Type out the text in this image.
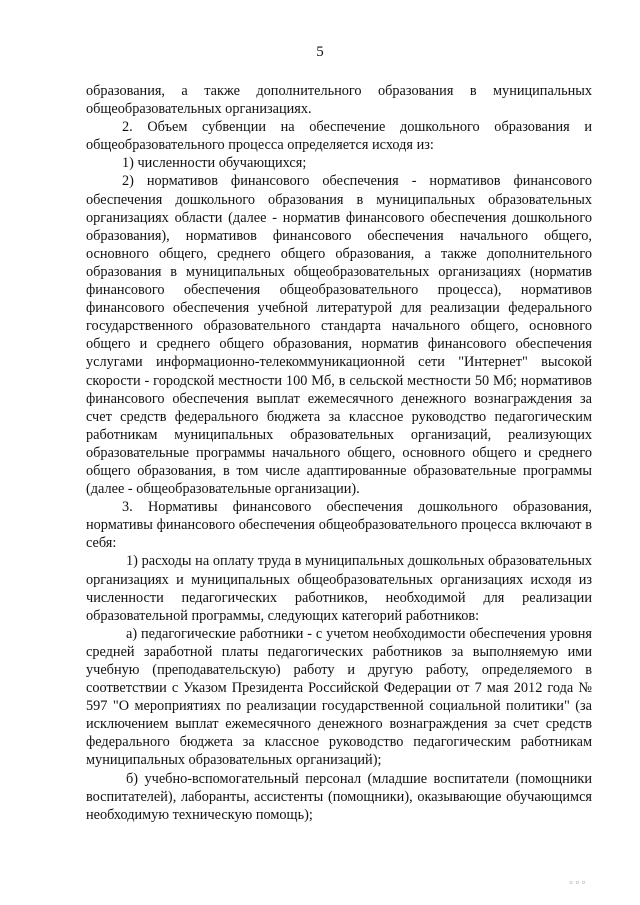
5

образования, а также дополнительного образования в муниципальных общеобразовательных организациях.

2. Объем субвенции на обеспечение дошкольного образования и общеобразовательного процесса определяется исходя из:

1) численности обучающихся;

2) нормативов финансового обеспечения - нормативов финансового обеспечения дошкольного образования в муниципальных образовательных организациях области (далее - норматив финансового обеспечения дошкольного образования), нормативов финансового обеспечения начального общего, основного общего, среднего общего образования, а также дополнительного образования в муниципальных общеобразовательных организациях (норматив финансового обеспечения общеобразовательного процесса), нормативов финансового обеспечения учебной литературой для реализации федерального государственного образовательного стандарта начального общего, основного общего и среднего общего образования, норматив финансового обеспечения услугами информационно-телекоммуникационной сети "Интернет" высокой скорости - городской местности 100 Мб, в сельской местности 50 Мб; нормативов финансового обеспечения выплат ежемесячного денежного вознаграждения за счет средств федерального бюджета за классное руководство педагогическим работникам муниципальных образовательных организаций, реализующих образовательные программы начального общего, основного общего и среднего общего образования, в том числе адаптированные образовательные программы (далее - общеобразовательные организации).

3. Нормативы финансового обеспечения дошкольного образования, нормативы финансового обеспечения общеобразовательного процесса включают в себя:

1) расходы на оплату труда в муниципальных дошкольных образовательных организациях и муниципальных общеобразовательных организациях исходя из численности педагогических работников, необходимой для реализации образовательной программы, следующих категорий работников:

а) педагогические работники - с учетом необходимости обеспечения уровня средней заработной платы педагогических работников за выполняемую ими учебную (преподавательскую) работу и другую работу, определяемого в соответствии с Указом Президента Российской Федерации от 7 мая 2012 года № 597 "О мероприятиях по реализации государственной социальной политики" (за исключением выплат ежемесячного денежного вознаграждения за счет средств федерального бюджета за классное руководство педагогическим работникам муниципальных образовательных организаций);

б) учебно-вспомогательный персонал (младшие воспитатели (помощники воспитателей), лаборанты, ассистенты (помощники), оказывающие обучающимся необходимую техническую помощь);

▫▫▫
